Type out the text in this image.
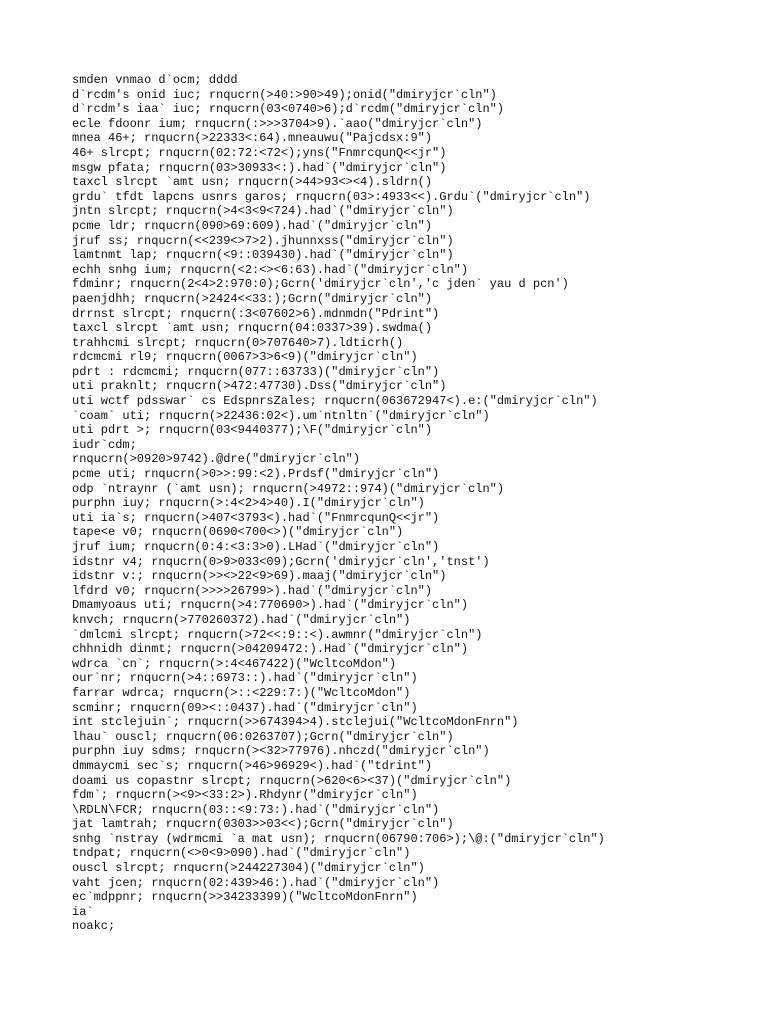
smden vnmao d`ocm; dddd
d`rcdm's onid iuc; rnqucrn(>40:>90>49);onid("dmiryjcr`cln")
d`rcdm's iaa` iuc; rnqucrn(03<0740>6);d`rcdm("dmiryjcr`cln")
ecle fdoonr ium; rnqucrn(:>>>3704>9).`aao("dmiryjcr`cln")
mnea 46+; rnqucrn(>22333<:64).mneauwu("Pajcdsx:9")
46+ slrcpt; rnqucrn(02:72:<72<);yns("FnmrcqunQ<<jr")
msgw pfata; rnqucrn(03>30933<:).had`("dmiryjcr`cln")
taxcl slrcpt `amt usn; rnqucrn(>44>93<><4).sldrn()
grdu` tfdt lapcns usnrs garos; rnqucrn(03>:4933<<).Grdu`("dmiryjcr`cln")
jntn slrcpt; rnqucrn(>4<3<9<724).had`("dmiryjcr`cln")
pcme ldr; rnqucrn(090>69:609).had`("dmiryjcr`cln")
jruf ss; rnqucrn(<<239<>7>2).jhunnxss("dmiryjcr`cln")
lamtnmt lap; rnqucrn(<9::039430).had`("dmiryjcr`cln")
echh snhg ium; rnqucrn(<2:<><6:63).had`("dmiryjcr`cln")
fdminr; rnqucrn(2<4>2:970:0);Gcrn('dmiryjcr`cln','c jden` yau d pcn')
paenjdhh; rnqucrn(>2424<<33:);Gcrn("dmiryjcr`cln")
drrnst slrcpt; rnqucrn(:3<07602>6).mdnmdn("Pdrint")
taxcl slrcpt `amt usn; rnqucrn(04:0337>39).swdma()
trahhcmi slrcpt; rnqucrn(0>707640>7).ldticrh()
rdcmcmi rl9; rnqucrn(0067>3>6<9)("dmiryjcr`cln")
pdrt : rdcmcmi; rnqucrn(077::63733)("dmiryjcr`cln")
uti praknlt; rnqucrn(>472:47730).Dss("dmiryjcr`cln")
uti wctf pdsswar` cs EdspnrsZales; rnqucrn(063672947<).e:("dmiryjcr`cln")
`coam` uti; rnqucrn(>22436:02<).um`ntnltn`("dmiryjcr`cln")
uti pdrt >; rnqucrn(03<9440377);\F("dmiryjcr`cln")
iudr`cdm;
rnqucrn(>0920>9742).@dre("dmiryjcr`cln")
pcme uti; rnqucrn(>0>>:99:<2).Prdsf("dmiryjcr`cln")
odp `ntraynr (`amt usn); rnqucrn(>4972::974)("dmiryjcr`cln")
purphn iuy; rnqucrn(>:4<2>4>40).I("dmiryjcr`cln")
uti ia`s; rnqucrn(>407<3793<).had`("FnmrcqunQ<<jr")
tape<e v0; rnqucrn(0690<700<>)("dmiryjcr`cln")
jruf ium; rnqucrn(0:4:<3:3>0).LHad`("dmiryjcr`cln")
idstnr v4; rnqucrn(0>9>033<09);Gcrn('dmiryjcr`cln','tnst')
idstnr v:; rnqucrn(>><>22<9>69).maaj("dmiryjcr`cln")
lfdrd v0; rnqucrn(>>>>26799>).had`("dmiryjcr`cln")
Dmamyoaus uti; rnqucrn(>4:770690>).had`("dmiryjcr`cln")
knvch; rnqucrn(>770260372).had`("dmiryjcr`cln")
`dmlcmi slrcpt; rnqucrn(>72<<:9::<).awmnr("dmiryjcr`cln")
chhnidh dinmt; rnqucrn(>04209472:).Had`("dmiryjcr`cln")
wdrca `cn`; rnqucrn(>:4<467422)("WcltcoMdon")
our`nr; rnqucrn(>4::6973::).had`("dmiryjcr`cln")
farrar wdrca; rnqucrn(>::<229:7:)("WcltcoMdon")
scminr; rnqucrn(09><::0437).had`("dmiryjcr`cln")
int stclejuin`; rnqucrn(>>674394>4).stclejui("WcltcoMdonFnrn")
lhau` ouscl; rnqucrn(06:0263707);Gcrn("dmiryjcr`cln")
purphn iuy sdms; rnqucrn(><32>77976).nhczd("dmiryjcr`cln")
dmmaycmi sec`s; rnqucrn(>46>96929<).had`("tdrint")
doami us copastnr slrcpt; rnqucrn(>620<6><37)("dmiryjcr`cln")
fdm`; rnqucrn(><9><33:2>).Rhdynr("dmiryjcr`cln")
\RDLN\FCR; rnqucrn(03::<9:73:).had`("dmiryjcr`cln")
jat lamtrah; rnqucrn(0303>>03<<);Gcrn("dmiryjcr`cln")
snhg `nstray (wdrmcmi `a mat usn); rnqucrn(06790:706>);\@:("dmiryjcr`cln")
tndpat; rnqucrn(<>0<9>090).had`("dmiryjcr`cln")
ouscl slrcpt; rnqucrn(>244227304)("dmiryjcr`cln")
vaht jcen; rnqucrn(02:439>46:).had`("dmiryjcr`cln")
ec`mdppnr; rnqucrn(>>34233399)("WcltcoMdonFnrn")
ia`
noakc;
